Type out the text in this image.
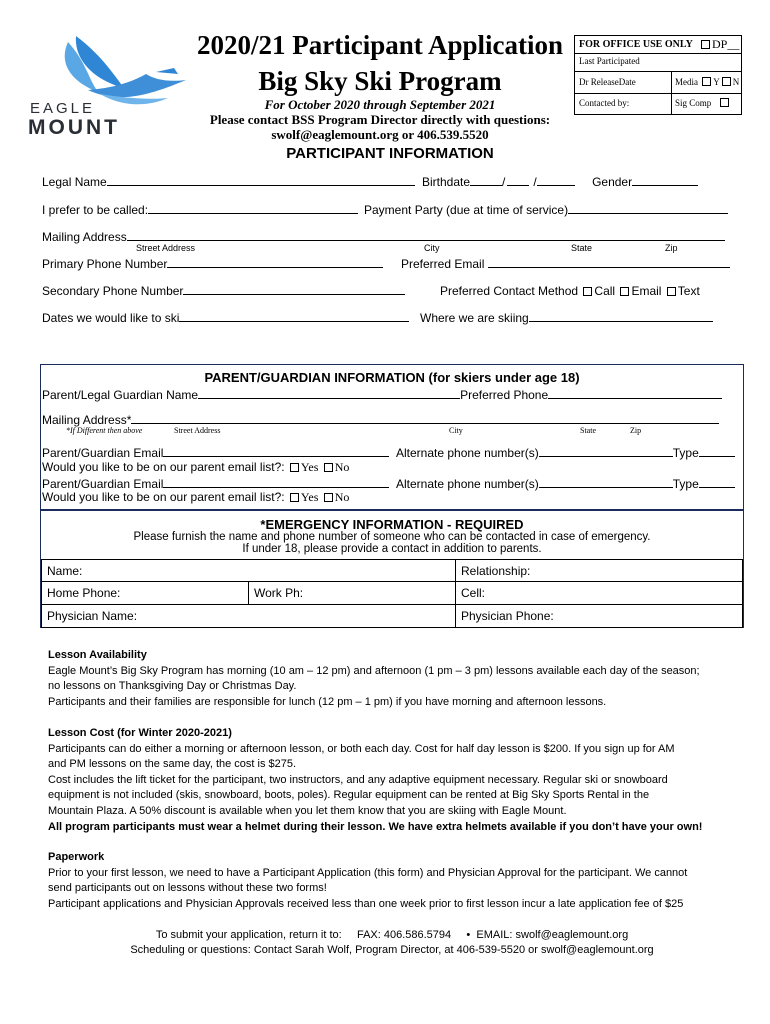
EAGLE
MOUNT
2020/21 Participant Application
Big Sky Ski Program
For October 2020 through September 2021
Please contact BSS Program Director directly with questions:
swolf@eaglemount.org or 406.539.5520
FOR OFFICE USE ONLY	DP__
Last Participated
Dr ReleaseDate	Media Y N
Contacted by:	Sig Comp
PARTICIPANT INFORMATION
Legal Name	Birthdate	/ /	Gender
I prefer to be called:	Payment Party (due at time of service)
Mailing Address
Street Address	City	State	Zip
Primary Phone Number	Preferred Email
Secondary Phone Number	Preferred Contact Method Call Email Text
Dates we would like to ski	Where we are skiing
PARENT/GUARDIAN INFORMATION (for skiers under age 18)
Parent/Legal Guardian Name	Preferred Phone
Mailing Address*
*If Different then above	Street Address	City	State	Zip
Parent/Guardian Email	Alternate phone number(s)	Type
Would you like to be on our parent email list?: Yes No
Parent/Guardian Email	Alternate phone number(s)	Type
Would you like to be on our parent email list?: Yes No
*EMERGENCY INFORMATION - REQUIRED
Please furnish the name and phone number of someone who can be contacted in case of emergency.
If under 18, please provide a contact in addition to parents.
Name:	Relationship:
Home Phone:	Work Ph:	Cell:
Physician Name:	Physician Phone:
Lesson Availability
Eagle Mount’s Big Sky Program has morning (10 am – 12 pm) and afternoon (1 pm – 3 pm) lessons available each day of the season;
no lessons on Thanksgiving Day or Christmas Day.
Participants and their families are responsible for lunch (12 pm – 1 pm) if you have morning and afternoon lessons.
Lesson Cost (for Winter 2020-2021)
Participants can do either a morning or afternoon lesson, or both each day. Cost for half day lesson is $200. If you sign up for AM
and PM lessons on the same day, the cost is $275.
Cost includes the lift ticket for the participant, two instructors, and any adaptive equipment necessary. Regular ski or snowboard
equipment is not included (skis, snowboard, boots, poles). Regular equipment can be rented at Big Sky Sports Rental in the
Mountain Plaza. A 50% discount is available when you let them know that you are skiing with Eagle Mount.
All program participants must wear a helmet during their lesson. We have extra helmets available if you don’t have your own!
Paperwork
Prior to your first lesson, we need to have a Participant Application (this form) and Physician Approval for the participant. We cannot
send participants out on lessons without these two forms!
Participant applications and Physician Approvals received less than one week prior to first lesson incur a late application fee of $25
To submit your application, return it to:     FAX: 406.586.5794     •  EMAIL: swolf@eaglemount.org
Scheduling or questions: Contact Sarah Wolf, Program Director, at 406-539-5520 or swolf@eaglemount.org
